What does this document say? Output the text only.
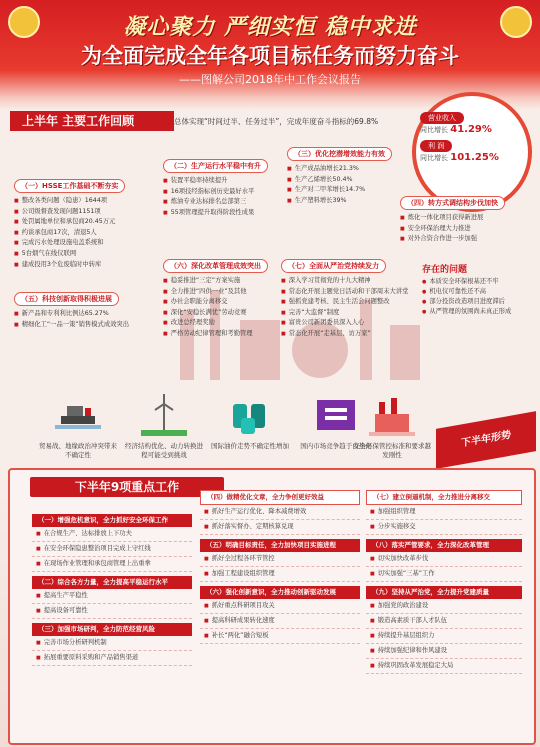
凝心聚力 严细实恒 稳中求进
为全面完成全年各项目标任务而努力奋斗
——图解公司2018年中工作会议报告
上半年 主要工作回顾	总体实现“时间过半、任务过半”，完成年度奋斗指标的69.8%	营业收入
同比增长 41.29%
利 润
同比增长 101.25%
（一）HSSE工作基础不断夯实
■ 整改各类问题（隐患）1644项
■ 公司级督查发现问题1151项
■ 处罚属地单位和承包商20.45万元
■ 约谈承包商17次，清退5人
■ 完成污水处理设施电盖系统和
■ 5台烟气在线仪联网
■ 建成投用3个危废临时中转库
（二）生产运行水平稳中有升
■ 装置平稳率持续提升
■ 16项技经指标创历史最好水平
■ 炼油专业达标排名总部第三
■ 55项管理提升取得阶段性成果
（三）优化挖潜增效能力有效
■ 生产成品油增长21.3%
■ 生产乙烯增长50.4%
■ 生产对二甲苯增长14.7%
■ 生产塑料增长39%	（四）转方式调结构步伐加快
■ 炼化一体化项目获得新进展
■ 安全环保治理大力推进
■ 对外合资合作进一步加强
（五）科技创新取得积极进展
■ 新产品和专利利比例达65.27%
■ 精细化工“一品一策”销售模式成效突出
（六）深化改革管理成效突出
■ 稳妥推进“三定”方案实施
■ 全力推进“四供一业”及其他
■ 办社会职能分离移交
■ 深化“安稳长满优”劳动竞赛
■ 改进总经理奖励
■ 严格劳动纪律管理和考勤管理
（七）全面从严治党持续发力
■ 深入学习贯彻党的十九大精神
■ 常态化开展主题党日活动和干部周末大讲堂
■ 强抓党建考核、民主生活会问题整改
■ 完善“大监督”制度
■ 富贵公司新团委员深入人心
■ 常态化开展“走基层、访万家”
存在的问题
● 本质安全环保根基还不牢
● 机电仪可靠性还不高
● 部分投资改造项目进度滞后
● 从严管理的氛围尚未真正形成
贸易战、地缘政治冲突带来不确定性
经济结构优化、动力转换进程可能受到挑战
国际油价走势不确定性增加	国内市场竞争趋于白热化
安全环保管控标准和要求越发刚性
下半年形势
下半年9项重点工作
（一）增强危机意识，全力抓好安全环保工作
■ 在合规生产、达标排放上下功夫
■ 在安全环保隐患整治项目完成上守红线
■ 在现场作业管理和承包商管理上出重拳
（二）综合各方力量，全力提高平稳运行水平
■ 提高生产平稳性
■ 提高设备可靠性
（三）加强市场研判，全力防范经营风险
■ 完善市场分析研判机制
■ 拓展重要原料采购和产品销售渠道
（四）做精优化文章，全力争创更好效益
■ 抓好生产运行优化、降本减费增效
■ 抓好落实督办、定期核算兑现
（五）明确目标责任，全力加快项目实施进程
■ 抓好全过程各环节管控
■ 加强工程建设组织管理
（六）强化创新意识，全力推动创新驱动发展
■ 抓好重点科研项目攻关
■ 提高科研成果转化速度
■ 补长“两化”融合短板
（七）建立倒逼机制，全力推进分离移交
■ 加强组织管理
■ 分步实施移交
（八）落实严管要求，全力深化改革管理
■ 切实加快改革步伐
■ 切实加强“三基”工作
（九）坚持从严治党，全力提升党建质量
■ 加强党的政治建设
■ 锻造高素质干部人才队伍
■ 持续提升基层组织力
■ 持续加强纪律和作风建设
■ 持续巩固改革发展稳定大局
